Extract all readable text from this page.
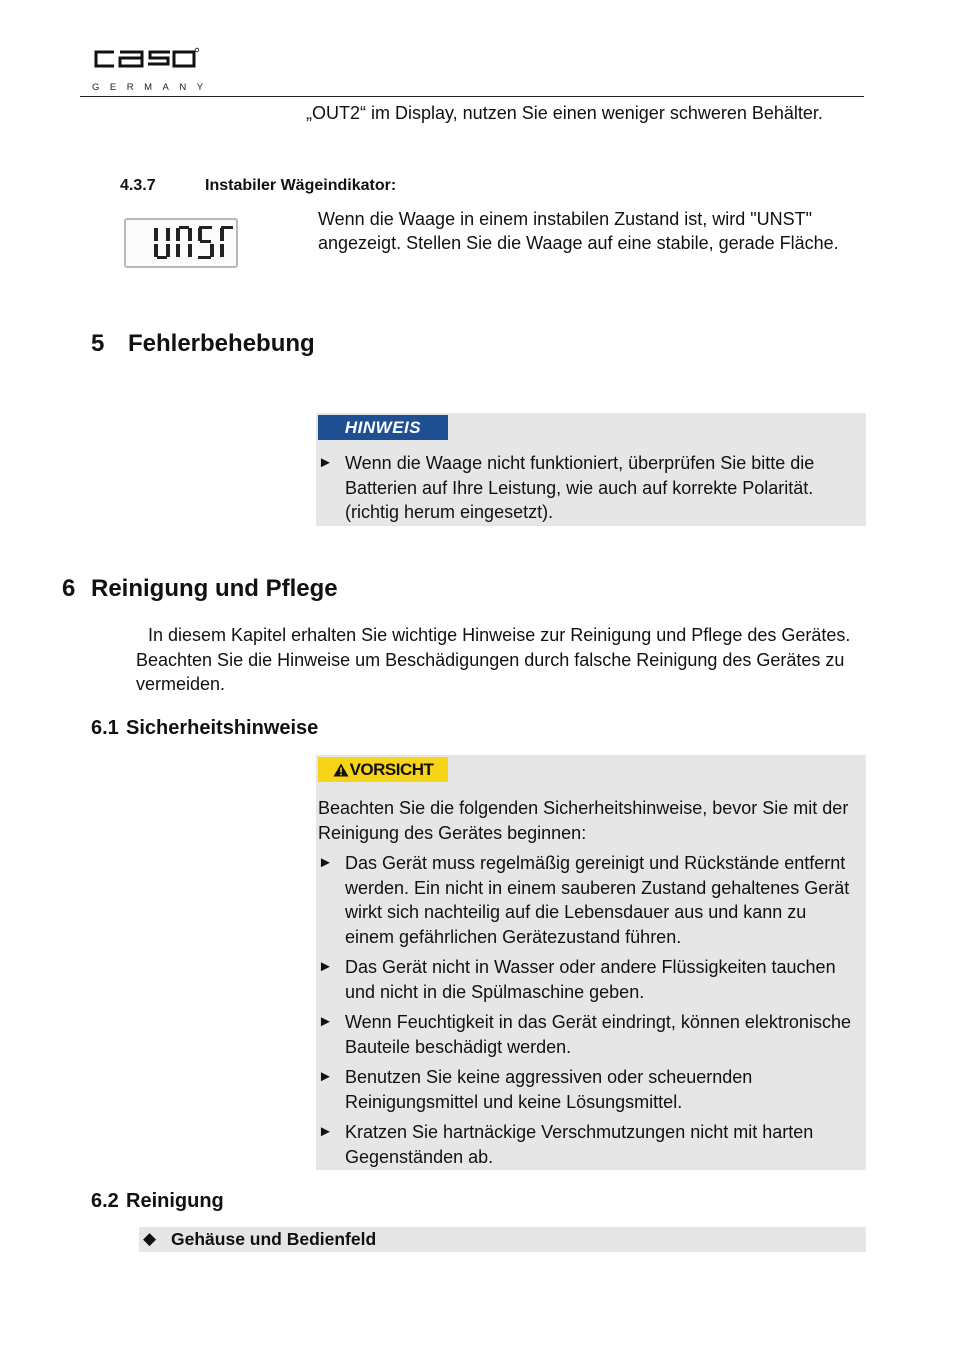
GERMANY
„OUT2“ im Display, nutzen Sie einen weniger schweren Behälter.
4.3.7	Instabiler Wägeindikator:
Wenn die Waage in einem instabilen Zustand ist, wird "UNST" angezeigt. Stellen Sie die Waage auf eine stabile, gerade Fläche.
5 Fehlerbehebung
HINWEIS
► Wenn die Waage nicht funktioniert, überprüfen Sie bitte die Batterien auf Ihre Leistung, wie auch auf korrekte Polarität.(richtig herum eingesetzt).
6 Reinigung und Pflege
In diesem Kapitel erhalten Sie wichtige Hinweise zur Reinigung und Pflege des Gerätes. Beachten Sie die Hinweise um Beschädigungen durch falsche Reinigung des Gerätes zu vermeiden.
6.1 Sicherheitshinweise
VORSICHT
Beachten Sie die folgenden Sicherheitshinweise, bevor Sie mit der Reinigung des Gerätes beginnen:
► Das Gerät muss regelmäßig gereinigt und Rückstände entfernt werden. Ein nicht in einem sauberen Zustand gehaltenes Gerät wirkt sich nachteilig auf die Lebensdauer aus und kann zu einem gefährlichen Gerätezustand führen.
► Das Gerät nicht in Wasser oder andere Flüssigkeiten tauchen und nicht in die Spülmaschine geben.
► Wenn Feuchtigkeit in das Gerät eindringt, können elektronische Bauteile beschädigt werden.
► Benutzen Sie keine aggressiven oder scheuernden Reinigungsmittel und keine Lösungsmittel.
► Kratzen Sie hartnäckige Verschmutzungen nicht mit harten Gegenständen ab.
6.2 Reinigung
◆ Gehäuse und Bedienfeld
